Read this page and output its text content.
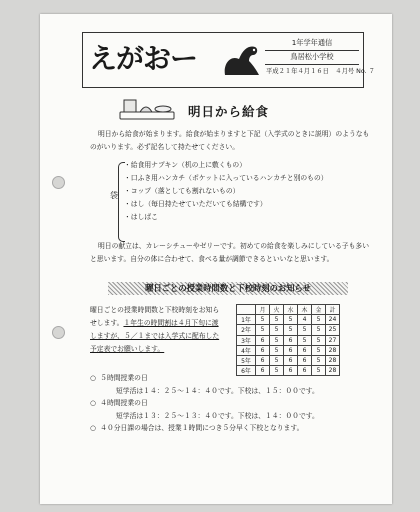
えがおー	1年学年通信
鳥居松小学校
平成２１年４月１６日　４月号 No. ７
明日から給食
明日から給食が始まります。給食が始まりますと下記（入学式のときに説明）のようなものがいります。必ず記名して持たせてください。
袋
・給食用ナプキン（机の上に敷くもの）
・口ふき用ハンカチ（ポケットに入っているハンカチと別のもの）
・コップ（落としても割れないもの）
・はし（毎日持たせていただいても結構です）
・はしばこ
明日の献立は、カレーシチューやゼリーです。初めての給食を楽しみにしている子も多いと思います。自分の体に合わせて、食べる量が調節できるといいなと思います。
曜日ごとの授業時間数と下校時刻のお知らせ
曜日ごとの授業時間数と下校時刻をお知らせします。１年生の時間割は４月下旬に渡しますが、５／１までは入学式に配布した予定表でお願いします。
	月	火	水	木	金	計
1年	5	5	5	4	5	24
2年	5	5	5	5	5	25
3年	6	5	6	5	5	27
4年	6	5	6	6	5	28
5年	6	5	6	6	5	28
6年	6	5	6	6	5	28
○ ５時間授業の日
短学活は１４：２５～１４：４０です。下校は、１５：００です。
○ ４時間授業の日
短学活は１３：２５～１３：４０です。下校は、１４：００です。
○ ４０分日課の場合は、授業１時間につき５分早く下校となります。
